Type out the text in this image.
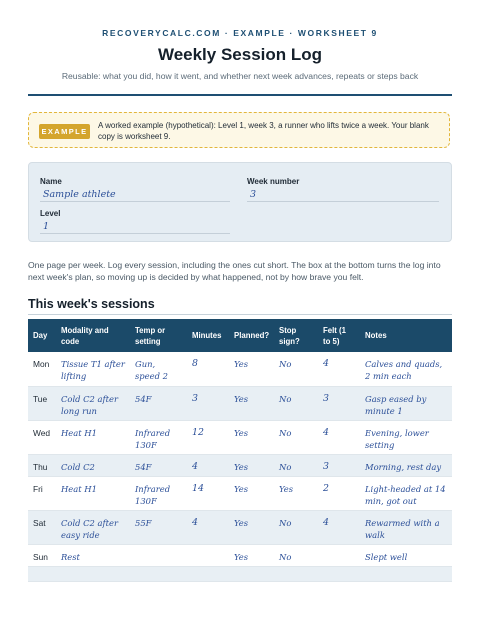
RECOVERYCALC.COM · EXAMPLE · WORKSHEET 9
Weekly Session Log
Reusable: what you did, how it went, and whether next week advances, repeats or steps back
EXAMPLE
A worked example (hypothetical): Level 1, week 3, a runner who lifts twice a week. Your blank copy is worksheet 9.
Name
Sample athlete
Week number
3
Level
1
One page per week. Log every session, including the ones cut short. The box at the bottom turns the log into next week's plan, so moving up is decided by what happened, not by how brave you felt.
This week's sessions
Day	Modality and code	Temp or setting	Minutes	Planned?	Stop sign?	Felt (1 to 5)	Notes
Mon	Tissue T1 after lifting	Gun, speed 2	8	Yes	No	4	Calves and quads, 2 min each
Tue	Cold C2 after long run	54F	3	Yes	No	3	Gasp eased by minute 1
Wed	Heat H1	Infrared 130F	12	Yes	No	4	Evening, lower setting
Thu	Cold C2	54F	4	Yes	No	3	Morning, rest day
Fri	Heat H1	Infrared 130F	14	Yes	Yes	2	Light-headed at 14 min, got out
Sat	Cold C2 after easy ride	55F	4	Yes	No	4	Rewarmed with a walk
Sun	Rest			Yes	No		Slept well
